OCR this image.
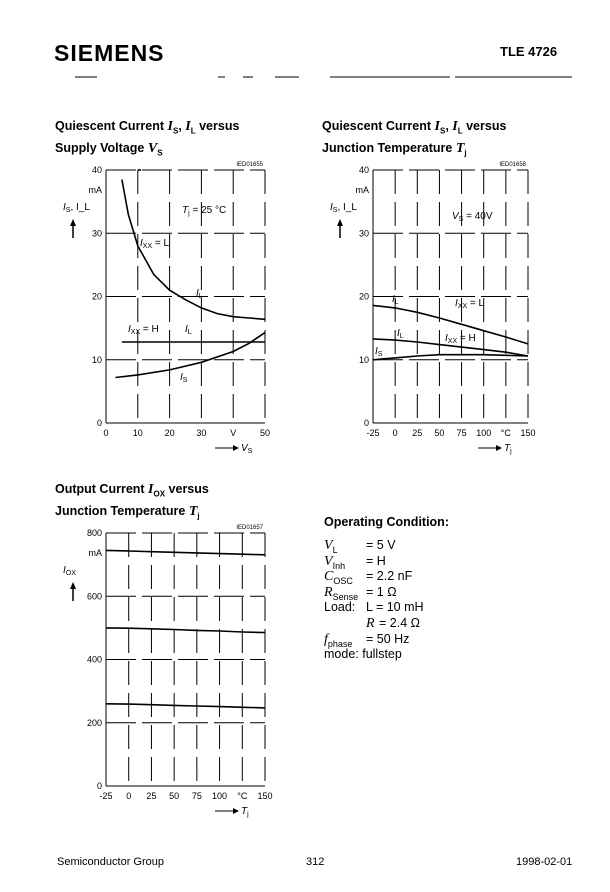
SIEMENS	TLE 4726
Quiescent Current $I_S$, $I_L$ versus
Supply Voltage $V_S$
Quiescent Current $I_S$, $I_L$ versus
Junction Temperature $T_j$
Output Current $I_{OX}$ versus
Junction Temperature $T_j$
0	10 20 30	V	50
0
10
20
30
40
mA
$I_S$, I_L
$V_S$
IED01655
$T_j = 25$ °C
$I_{XX} = L$
$I_L$
$I_{XX} = H$	$I_L$
$I_S$
-25 0 25 50 75 100 °C 150
0
10
20
30
40
mA
$I_S$, I_L
$T_j$
IED01658
$V_S = 40V$
$I_L$	$I_{XX} = L$
$I_L$	$I_{XX} = H$
$I_S$
-25 0 25 50 75 100 °C 150
0
200
400
600
800
mA
$I_{OX}$
$T_j$
IED01657	Operating Condition:
$V_L = 5$ V
$V_{Inh} = H$
$C_{OSC} = 2.2$ nF
$R_{Sense} = 1$ Ω
Load: L = 10 mH
R = 2.4 Ω
$f_{phase} = 50$ Hz
mode: fullstep
Semiconductor Group	312	1998-02-01
